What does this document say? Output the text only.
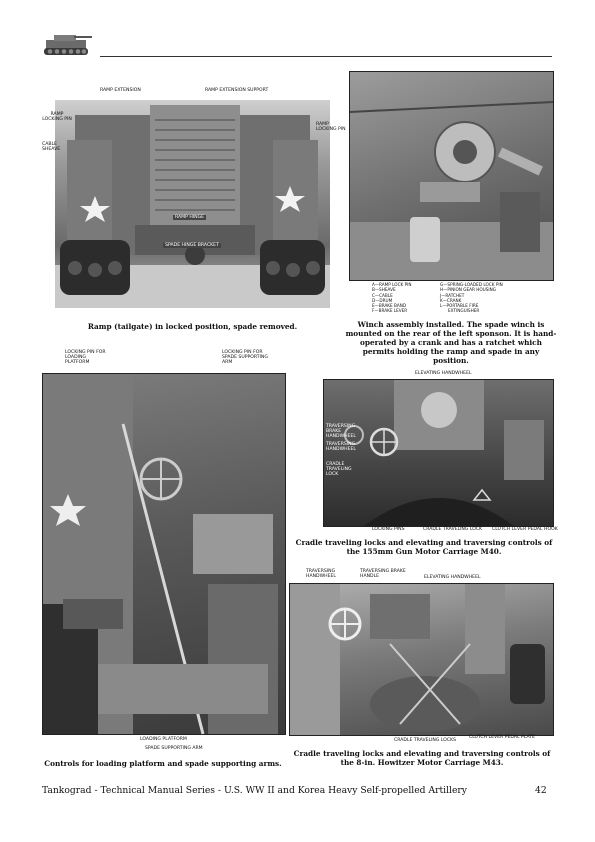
RAMP EXTENSION	RAMP EXTENSION SUPPORT
RAMP HINGE
SPADE HINGE BRACKET
RAMP LOCKING PIN
CABLE SHEAVE
RAMP LOCKING PIN
Ramp (tailgate) in locked position, spade removed.
A—RAMP LOCK PIN
B—SHEAVE
C—CABLE
D—DRUM
E—BRAKE BAND
F—BRAKE LEVER
G—SPRING-LOADED LOCK PIN
H—PINION GEAR HOUSING
J—RATCHET
K—CRANK
L—PORTABLE FIRE
EXTINGUISHER
Winch assembly installed. The spade winch is mounted on the rear of the left sponson. It is hand-operated by a crank and has a ratchet which permits holding the ramp and spade in any position.
LOCKING PIN FOR LOADING PLATFORM
LOCKING PIN FOR SPADE SUPPORTING ARM
LOADING PLATFORM
SPADE SUPPORTING ARM
Controls for loading platform and spade supporting arms.
ELEVATING HANDWHEEL
TRAVERSING BRAKE HANDWHEEL
TRAVERSING HANDWHEEL
CRADLE TRAVELING LOCK
LOCKING PINS	CRADLE TRAVELING LOCK CLUTCH LEVER PEDAL HOOK
Cradle traveling locks and elevating and traversing controls of the 155mm Gun Motor Carriage M40.
TRAVERSING HANDWHEEL
TRAVERSING BRAKE HANDLE	ELEVATING HANDWHEEL
CRADLE TRAVELING LOCKS
CLUTCH LEVER PEDAL PLATE
Cradle traveling locks and elevating and traversing controls of the 8-in. Howitzer Motor Carriage M43.
Tankograd - Technical Manual Series - U.S. WW II and Korea Heavy Self-propelled Artillery	42
